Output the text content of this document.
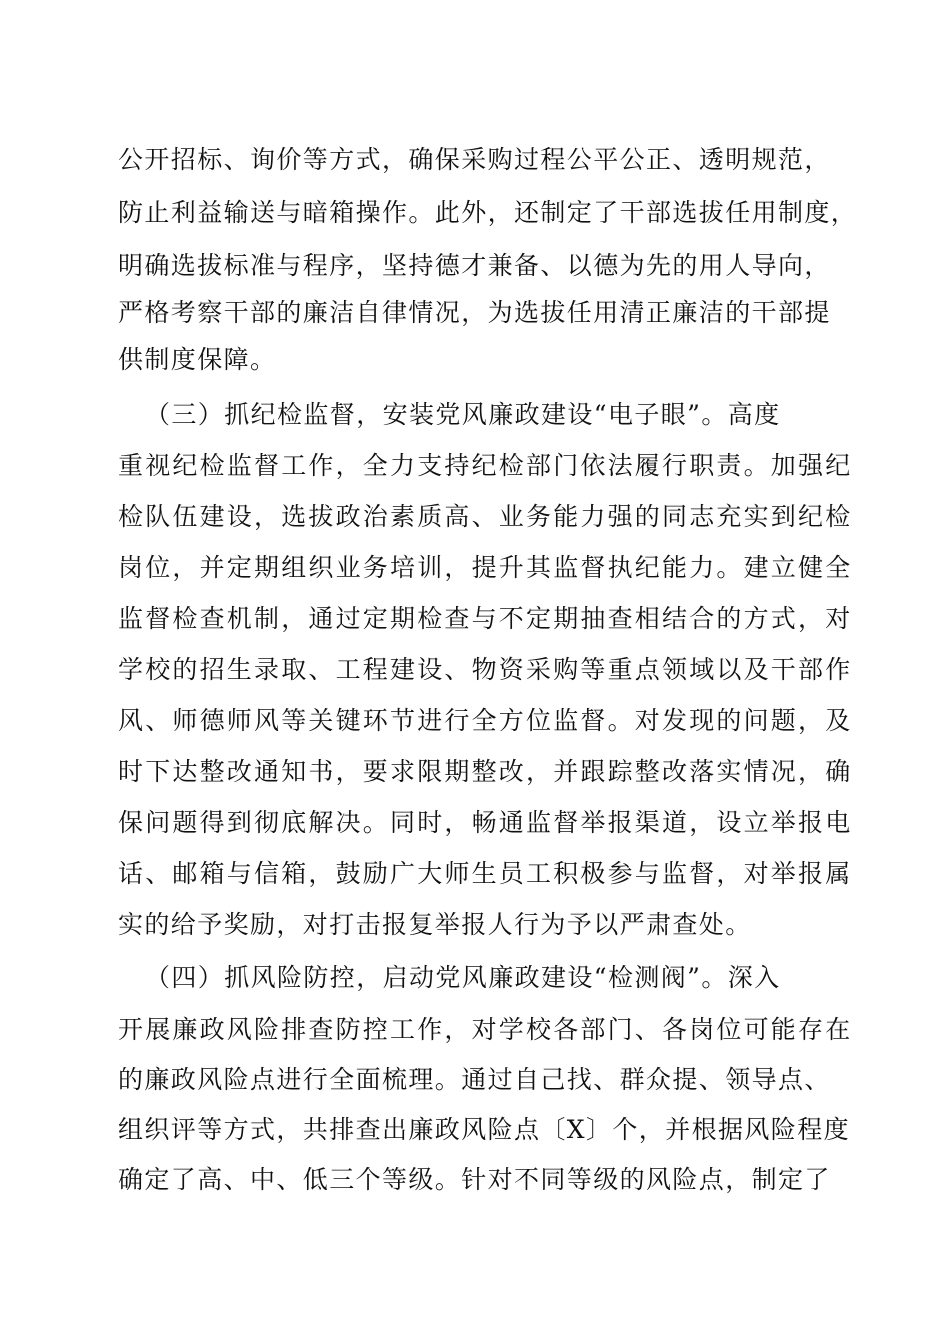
公开招标、询价等方式，确保采购过程公平公正、透明规范，
防止利益输送与暗箱操作。此外，还制定了干部选拔任用制度，
明确选拔标准与程序，坚持德才兼备、以德为先的用人导向，
严格考察干部的廉洁自律情况，为选拔任用清正廉洁的干部提
供制度保障。
（三）抓纪检监督，安装党风廉政建设“电子眼”。高度
重视纪检监督工作，全力支持纪检部门依法履行职责。加强纪
检队伍建设，选拔政治素质高、业务能力强的同志充实到纪检
岗位，并定期组织业务培训，提升其监督执纪能力。建立健全
监督检查机制，通过定期检查与不定期抽查相结合的方式，对
学校的招生录取、工程建设、物资采购等重点领域以及干部作
风、师德师风等关键环节进行全方位监督。对发现的问题，及
时下达整改通知书，要求限期整改，并跟踪整改落实情况，确
保问题得到彻底解决。同时，畅通监督举报渠道，设立举报电
话、邮箱与信箱，鼓励广大师生员工积极参与监督，对举报属
实的给予奖励，对打击报复举报人行为予以严肃查处。
（四）抓风险防控，启动党风廉政建设“检测阀”。深入
开展廉政风险排查防控工作，对学校各部门、各岗位可能存在
的廉政风险点进行全面梳理。通过自己找、群众提、领导点、
组织评等方式，共排查出廉政风险点〔X〕个，并根据风险程度
确定了高、中、低三个等级。针对不同等级的风险点，制定了
